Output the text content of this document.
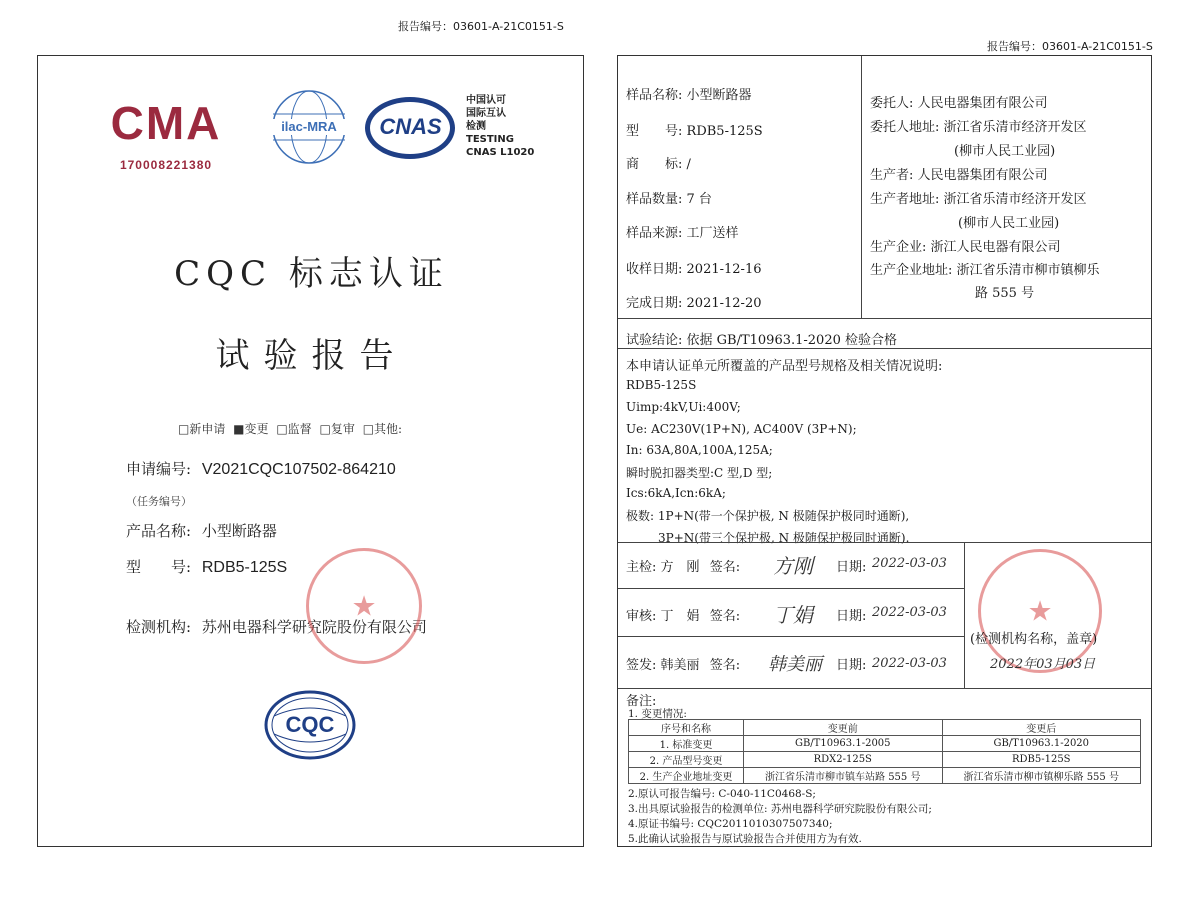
报告编号：03601-A-21C0151-S
报告编号：03601-A-21C0151-S
CMA
170008221380
ilac-MRA	CNAS
中国认可
国际互认
检测
TESTING
CNAS L1020
CQC 标志认证
试验报告
□新申请 ■变更 □监督 □复审 □其他:
申请编号: V2021CQC107502-864210
（任务编号）
产品名称: 小型断路器
型　　号: RDB5-125S
检测机构: 苏州电器科学研究院股份有限公司
★
CQC
样品名称: 小型断路器
型　　号: RDB5-125S
商　　标: /
样品数量: 7 台
样品来源: 工厂送样
收样日期: 2021-12-16
完成日期: 2021-12-20
委托人: 人民电器集团有限公司
委托人地址: 浙江省乐清市经济开发区
(柳市人民工业园)
生产者: 人民电器集团有限公司
生产者地址: 浙江省乐清市经济开发区
(柳市人民工业园)
生产企业: 浙江人民电器有限公司
生产企业地址: 浙江省乐清市柳市镇柳乐
路 555 号
试验结论: 依据 GB/T10963.1-2020 检验合格
本申请认证单元所覆盖的产品型号规格及相关情况说明:
RDB5-125S
Uimp:4kV,Ui:400V;
Ue: AC230V(1P+N), AC400V (3P+N);
In: 63A,80A,100A,125A;
瞬时脱扣器类型:C 型,D 型;
Ics:6kA,Icn:6kA;
极数: 1P+N(带一个保护极, N 极随保护极同时通断),
3P+N(带三个保护极, N 极随保护极同时通断).
主检: 方　刚 签名: 方刚 日期: 2022-03-03
审核: 丁　娟 签名: 丁娟 日期: 2022-03-03
签发: 韩美丽 签名: 韩美丽 日期: 2022-03-03
★
(检测机构名称，盖章)
2022年03月03日
备注:
1. 变更情况:
序号和名称	变更前	变更后
1. 标准变更	GB/T10963.1-2005	GB/T10963.1-2020
2. 产品型号变更	RDX2-125S	RDB5-125S
2. 生产企业地址变更	浙江省乐清市柳市镇车站路 555 号	浙江省乐清市柳市镇柳乐路 555 号
2.原认可报告编号: C-040-11C0468-S;
3.出具原试验报告的检测单位: 苏州电器科学研究院股份有限公司;
4.原证书编号: CQC2011010307507340;
5.此确认试验报告与原试验报告合并使用方为有效.
